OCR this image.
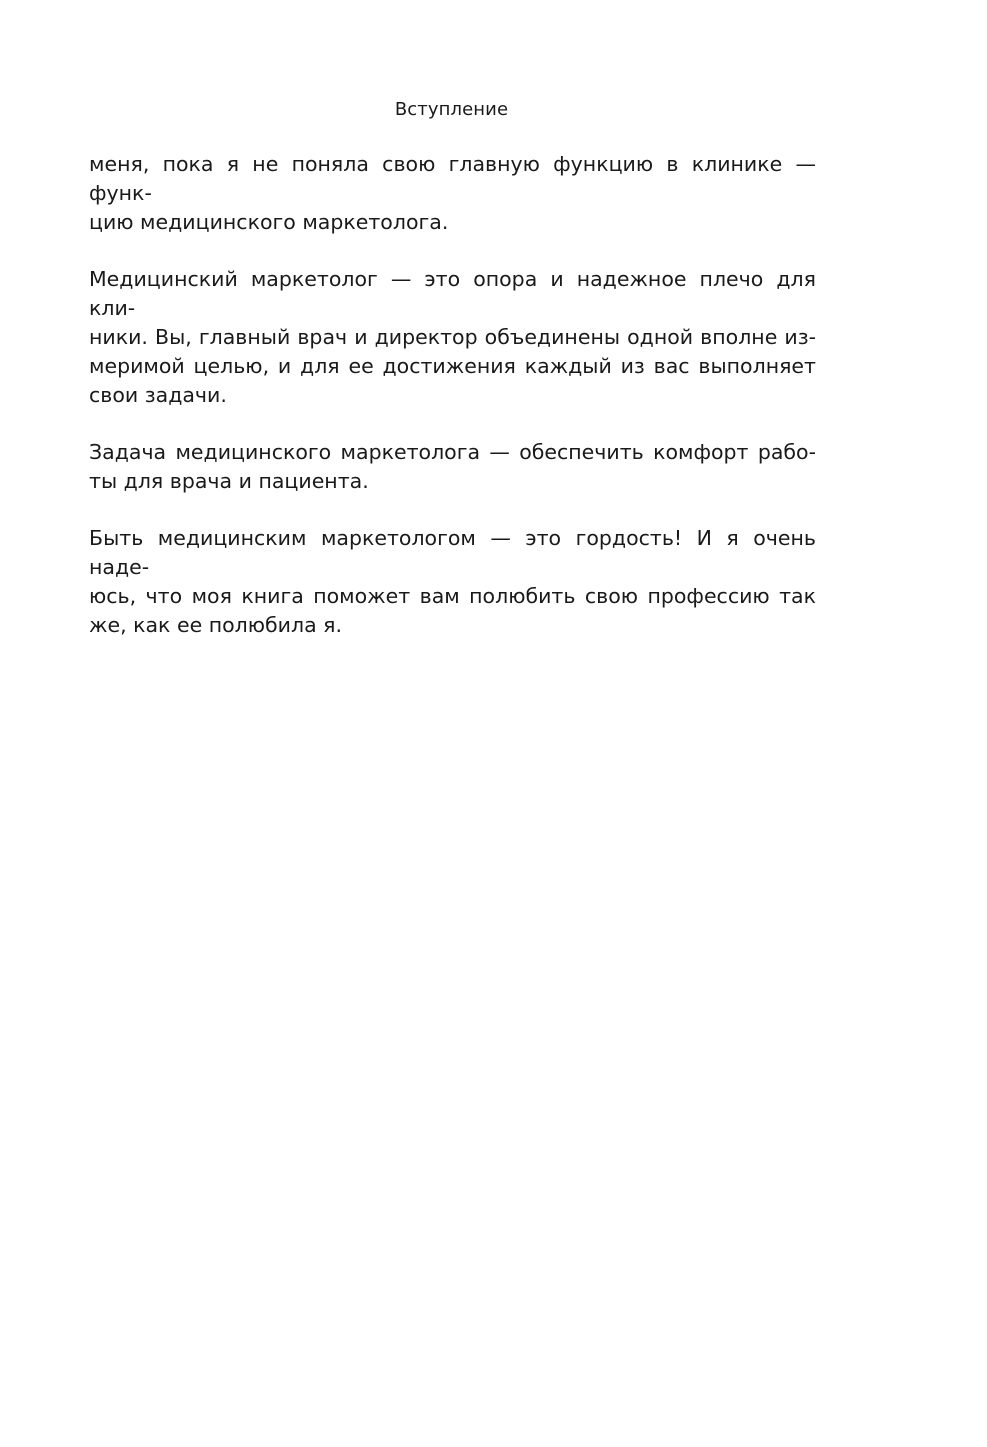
Вступление

меня, пока я не поняла свою главную функцию в клинике — функ-
цию медицинского маркетолога.

Медицинский маркетолог — это опора и надежное плечо для кли-
ники. Вы, главный врач и директор объединены одной вполне из-
меримой целью, и для ее достижения каждый из вас выполняет
свои задачи.

Задача медицинского маркетолога — обеспечить комфорт рабо-
ты для врача и пациента.

Быть медицинским маркетологом — это гордость! И я очень наде-
юсь, что моя книга поможет вам полюбить свою профессию так
же, как ее полюбила я.
